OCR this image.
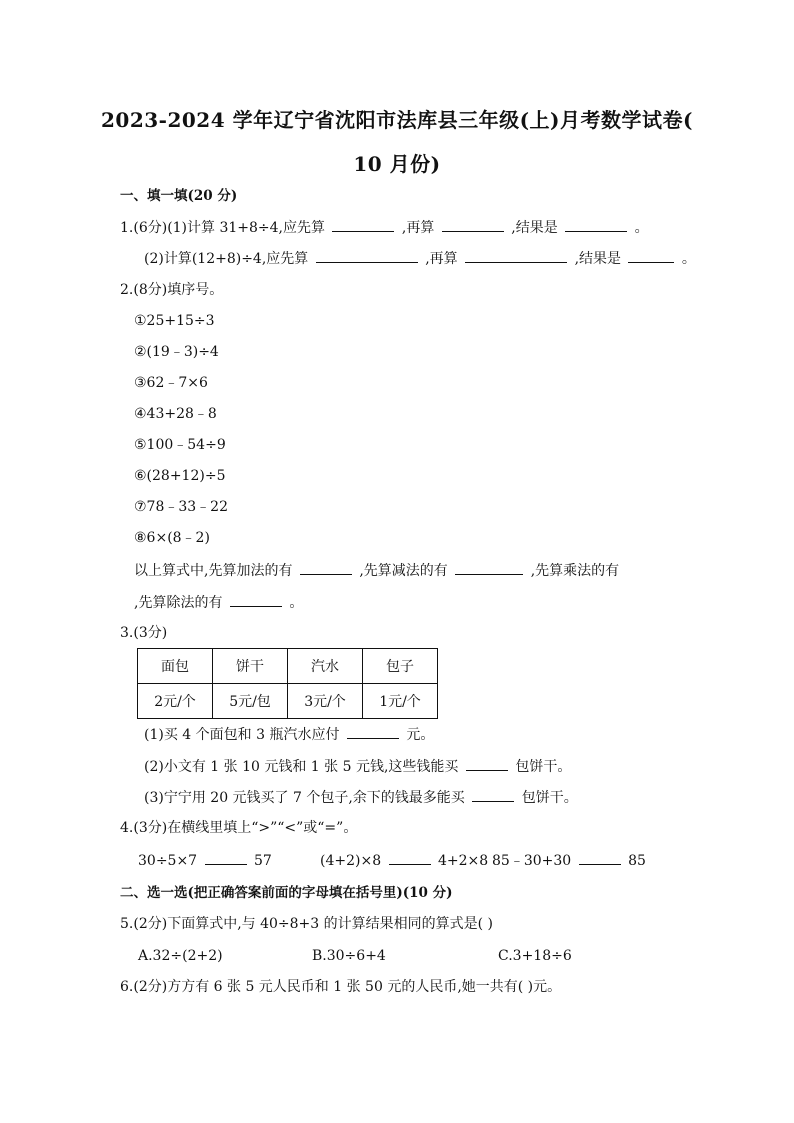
2023-2024 学年辽宁省沈阳市法库县三年级(上)月考数学试卷(
10 月份)
一、填一填(20 分)
1.(6分)(1)计算 31+8÷4,应先算	,再算	,结果是	。
(2)计算(12+8)÷4,应先算	,再算	,结果是	。
2.(8分)填序号。
①25+15÷3
②(19﹣3)÷4
③62﹣7×6
④43+28﹣8
⑤100﹣54÷9
⑥(28+12)÷5
⑦78﹣33﹣22
⑧6×(8﹣2)
以上算式中,先算加法的有	,先算减法的有	,先算乘法的有
,先算除法的有	。
3.(3分)
面包	饼干	汽水	包子
2元/个	5元/包	3元/个	1元/个
(1)买 4 个面包和 3 瓶汽水应付	元。
(2)小文有 1 张 10 元钱和 1 张 5 元钱,这些钱能买	包饼干。
(3)宁宁用 20 元钱买了 7 个包子,余下的钱最多能买	包饼干。
4.(3分)在横线里填上“>”“<”或“=”。
30÷5×7	57	(4+2)×8	4+2×8 85﹣30+30	85
二、选一选(把正确答案前面的字母填在括号里)(10 分)
5.(2分)下面算式中,与 40÷8+3 的计算结果相同的算式是( )
A.32÷(2+2)	B.30÷6+4	C.3+18÷6
6.(2分)方方有 6 张 5 元人民币和 1 张 50 元的人民币,她一共有( )元。
